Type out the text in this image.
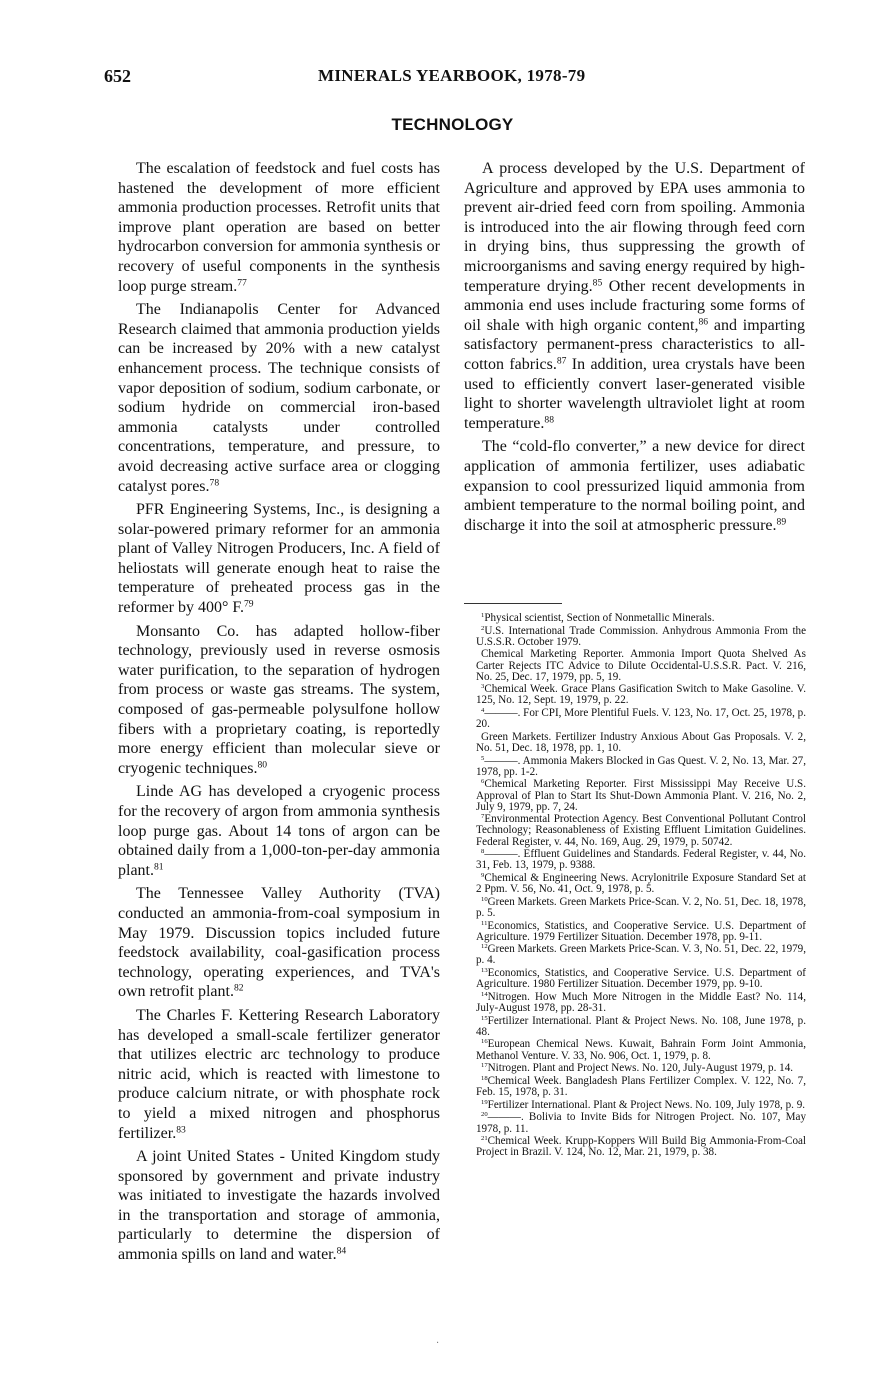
652	MINERALS YEARBOOK, 1978-79
TECHNOLOGY

The escalation of feedstock and fuel costs has hastened the development of more efficient ammonia production processes. Retrofit units that improve plant operation are based on better hydrocarbon conversion for ammonia synthesis or recovery of useful components in the synthesis loop purge stream.$^{77}$

The Indianapolis Center for Advanced Research claimed that ammonia production yields can be increased by 20% with a new catalyst enhancement process. The technique consists of vapor deposition of sodium, sodium carbonate, or sodium hydride on commercial iron-based ammonia catalysts under controlled concentrations, temperature, and pressure, to avoid decreasing active surface area or clogging catalyst pores.$^{78}$

PFR Engineering Systems, Inc., is designing a solar-powered primary reformer for an ammonia plant of Valley Nitrogen Producers, Inc. A field of heliostats will generate enough heat to raise the temperature of preheated process gas in the reformer by 400° F.$^{79}$

Monsanto Co. has adapted hollow-fiber technology, previously used in reverse osmosis water purification, to the separation of hydrogen from process or waste gas streams. The system, composed of gas-permeable polysulfone hollow fibers with a proprietary coating, is reportedly more energy efficient than molecular sieve or cryogenic techniques.$^{80}$

Linde AG has developed a cryogenic process for the recovery of argon from ammonia synthesis loop purge gas. About 14 tons of argon can be obtained daily from a 1,000-ton-per-day ammonia plant.$^{81}$

The Tennessee Valley Authority (TVA) conducted an ammonia-from-coal symposium in May 1979. Discussion topics included future feedstock availability, coal-gasification process technology, operating experiences, and TVA's own retrofit plant.$^{82}$

The Charles F. Kettering Research Laboratory has developed a small-scale fertilizer generator that utilizes electric arc technology to produce nitric acid, which is reacted with limestone to produce calcium nitrate, or with phosphate rock to yield a mixed nitrogen and phosphorus fertilizer.$^{83}$

A joint United States - United Kingdom study sponsored by government and private industry was initiated to investigate the hazards involved in the transportation and storage of ammonia, particularly to determine the dispersion of ammonia spills on land and water.$^{84}$

A process developed by the U.S. Department of Agriculture and approved by EPA uses ammonia to prevent air-dried feed corn from spoiling. Ammonia is introduced into the air flowing through feed corn in drying bins, thus suppressing the growth of microorganisms and saving energy required by high-temperature drying.$^{85}$ Other recent developments in ammonia end uses include fracturing some forms of oil shale with high organic content,$^{86}$ and imparting satisfactory permanent-press characteristics to all-cotton fabrics.$^{87}$ In addition, urea crystals have been used to efficiently convert laser-generated visible light to shorter wavelength ultraviolet light at room temperature.$^{88}$

The “cold-flo converter,” a new device for direct application of ammonia fertilizer, uses adiabatic expansion to cool pressurized liquid ammonia from ambient temperature to the normal boiling point, and discharge it into the soil at atmospheric pressure.$^{89}$

$^1$Physical scientist, Section of Nonmetallic Minerals.

$^2$U.S. International Trade Commission. Anhydrous Ammonia From the U.S.S.R. October 1979.

Chemical Marketing Reporter. Ammonia Import Quota Shelved As Carter Rejects ITC Advice to Dilute Occidental-U.S.S.R. Pact. V. 216, No. 25, Dec. 17, 1979, pp. 5, 19.

$^3$Chemical Week. Grace Plans Gasification Switch to Make Gasoline. V. 125, No. 12, Sept. 19, 1979, p. 22.

$^4$———. For CPI, More Plentiful Fuels. V. 123, No. 17, Oct. 25, 1978, p. 20.

Green Markets. Fertilizer Industry Anxious About Gas Proposals. V. 2, No. 51, Dec. 18, 1978, pp. 1, 10.

$^5$———. Ammonia Makers Blocked in Gas Quest. V. 2, No. 13, Mar. 27, 1978, pp. 1-2.

$^6$Chemical Marketing Reporter. First Mississippi May Receive U.S. Approval of Plan to Start Its Shut-Down Ammonia Plant. V. 216, No. 2, July 9, 1979, pp. 7, 24.

$^7$Environmental Protection Agency. Best Conventional Pollutant Control Technology; Reasonableness of Existing Effluent Limitation Guidelines. Federal Register, v. 44, No. 169, Aug. 29, 1979, p. 50742.

$^8$———. Effluent Guidelines and Standards. Federal Register, v. 44, No. 31, Feb. 13, 1979, p. 9388.

$^9$Chemical & Engineering News. Acrylonitrile Exposure Standard Set at 2 Ppm. V. 56, No. 41, Oct. 9, 1978, p. 5.

$^{10}$Green Markets. Green Markets Price-Scan. V. 2, No. 51, Dec. 18, 1978, p. 5.

$^{11}$Economics, Statistics, and Cooperative Service. U.S. Department of Agriculture. 1979 Fertilizer Situation. December 1978, pp. 9-11.

$^{12}$Green Markets. Green Markets Price-Scan. V. 3, No. 51, Dec. 22, 1979, p. 4.

$^{13}$Economics, Statistics, and Cooperative Service. U.S. Department of Agriculture. 1980 Fertilizer Situation. December 1979, pp. 9-10.

$^{14}$Nitrogen. How Much More Nitrogen in the Middle East? No. 114, July-August 1978, pp. 28-31.

$^{15}$Fertilizer International. Plant & Project News. No. 108, June 1978, p. 48.

$^{16}$European Chemical News. Kuwait, Bahrain Form Joint Ammonia, Methanol Venture. V. 33, No. 906, Oct. 1, 1979, p. 8.

$^{17}$Nitrogen. Plant and Project News. No. 120, July-August 1979, p. 14.

$^{18}$Chemical Week. Bangladesh Plans Fertilizer Complex. V. 122, No. 7, Feb. 15, 1978, p. 31.

$^{19}$Fertilizer International. Plant & Project News. No. 109, July 1978, p. 9.

$^{20}$———. Bolivia to Invite Bids for Nitrogen Project. No. 107, May 1978, p. 11.

$^{21}$Chemical Week. Krupp-Koppers Will Build Big Ammonia-From-Coal Project in Brazil. V. 124, No. 12, Mar. 21, 1979, p. 38.

·
